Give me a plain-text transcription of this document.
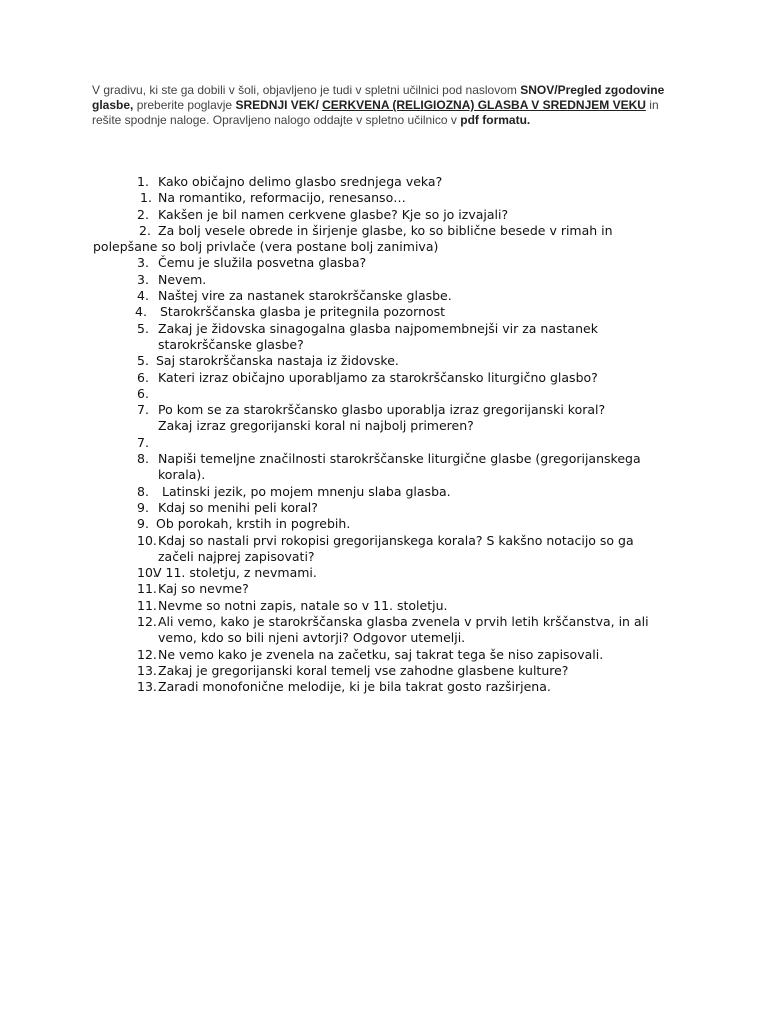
V gradivu, ki ste ga dobili v šoli, objavljeno je tudi v spletni učilnici pod naslovom SNOV/Pregled zgodovine glasbe, preberite poglavje SREDNJI VEK/ CERKVENA (RELIGIOZNA) GLASBA V SREDNJEM VEKU in rešite spodnje naloge. Opravljeno nalogo oddajte v spletno učilnico v pdf formatu.
1. Kako običajno delimo glasbo srednjega veka?
1. Na romantiko, reformacijo, renesanso…
2. Kakšen je bil namen cerkvene glasbe? Kje so jo izvajali?
2. Za bolj vesele obrede in širjenje glasbe, ko so biblične besede v rimah in polepšane so bolj privlače (vera postane bolj zanimiva)
3. Čemu je služila posvetna glasba?
3. Nevem.
4. Naštej vire za nastanek starokrščanske glasbe.
4. Starokrščanska glasba je pritegnila pozornost
5. Zakaj je židovska sinagogalna glasba najpomembnejši vir za nastanek starokrščanske glasbe?
5. Saj starokrščanska nastaja iz židovske.
6. Kateri izraz običajno uporabljamo za starokrščansko liturgično glasbo?
6.
7. Po kom se za starokrščansko glasbo uporablja izraz gregorijanski koral? Zakaj izraz gregorijanski koral ni najbolj primeren?
7.
8. Napiši temeljne značilnosti starokrščanske liturgične glasbe (gregorijanskega korala).
8. Latinski jezik, po mojem mnenju slaba glasba.
9. Kdaj so menihi peli koral?
9. Ob porokah, krstih in pogrebih.
10. Kdaj so nastali prvi rokopisi gregorijanskega korala? S kakšno notacijo so ga začeli najprej zapisovati?
10.
V 11. stoletju, z nevmami.
11. Kaj so nevme?
11. Nevme so notni zapis, natale so v 11. stoletju.
12. Ali vemo, kako je starokrščanska glasba zvenela v prvih letih krščanstva, in ali vemo, kdo so bili njeni avtorji? Odgovor utemelji.
12. Ne vemo kako je zvenela na začetku, saj takrat tega še niso zapisovali.
13. Zakaj je gregorijanski koral temelj vse zahodne glasbene kulture?
13. Zaradi monofonične melodije, ki je bila takrat gosto razširjena.
